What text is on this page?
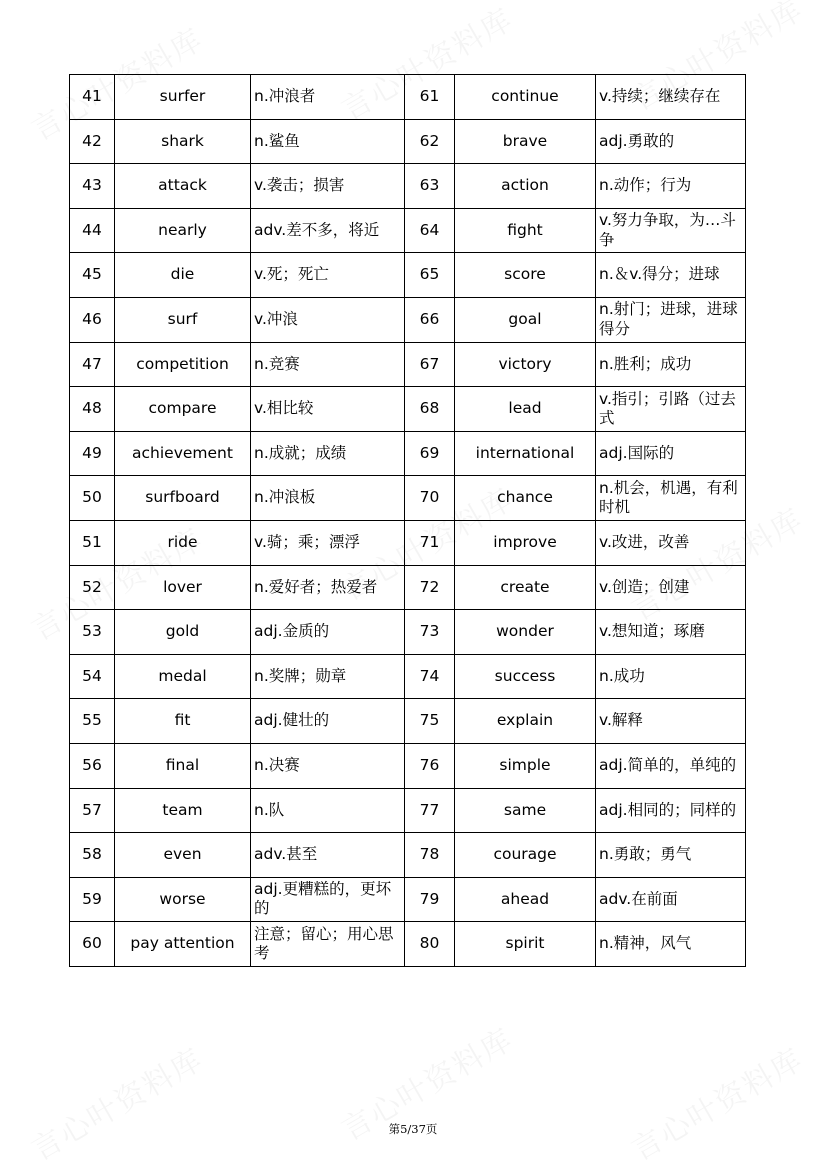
41	surfer	n.冲浪者	61	continue	v.持续；继续存在

42	shark	n.鲨鱼	62	brave	adj.勇敢的

43	attack	v.袭击；损害	63	action	n.动作；行为

44	nearly	adv.差不多，将近	64	fight	v.努力争取，为…斗争

45	die	v.死；死亡	65	score	n.＆v.得分；进球

46	surf	v.冲浪	66	goal	n.射门；进球，进球得分

47	competition	n.竞赛	67	victory	n.胜利；成功

48	compare	v.相比较	68	lead	v.指引；引路（过去式

49	achievement	n.成就；成绩	69	international	adj.国际的

50	surfboard	n.冲浪板	70	chance	n.机会，机遇，有利时机

51	ride	v.骑；乘；漂浮	71	improve	v.改进，改善

52	lover	n.爱好者；热爱者	72	create	v.创造；创建

53	gold	adj.金质的	73	wonder	v.想知道；琢磨

54	medal	n.奖牌；勋章	74	success	n.成功

55	fit	adj.健壮的	75	explain	v.解释

56	final	n.决赛	76	simple	adj.简单的，单纯的

57	team	n.队	77	same	adj.相同的；同样的

58	even	adv.甚至	78	courage	n.勇敢；勇气

59	worse	adj.更糟糕的，更坏的	79	ahead	adv.在前面

60	pay attention	注意；留心；用心思考	80	spirit	n.精神，风气
第5/37页
